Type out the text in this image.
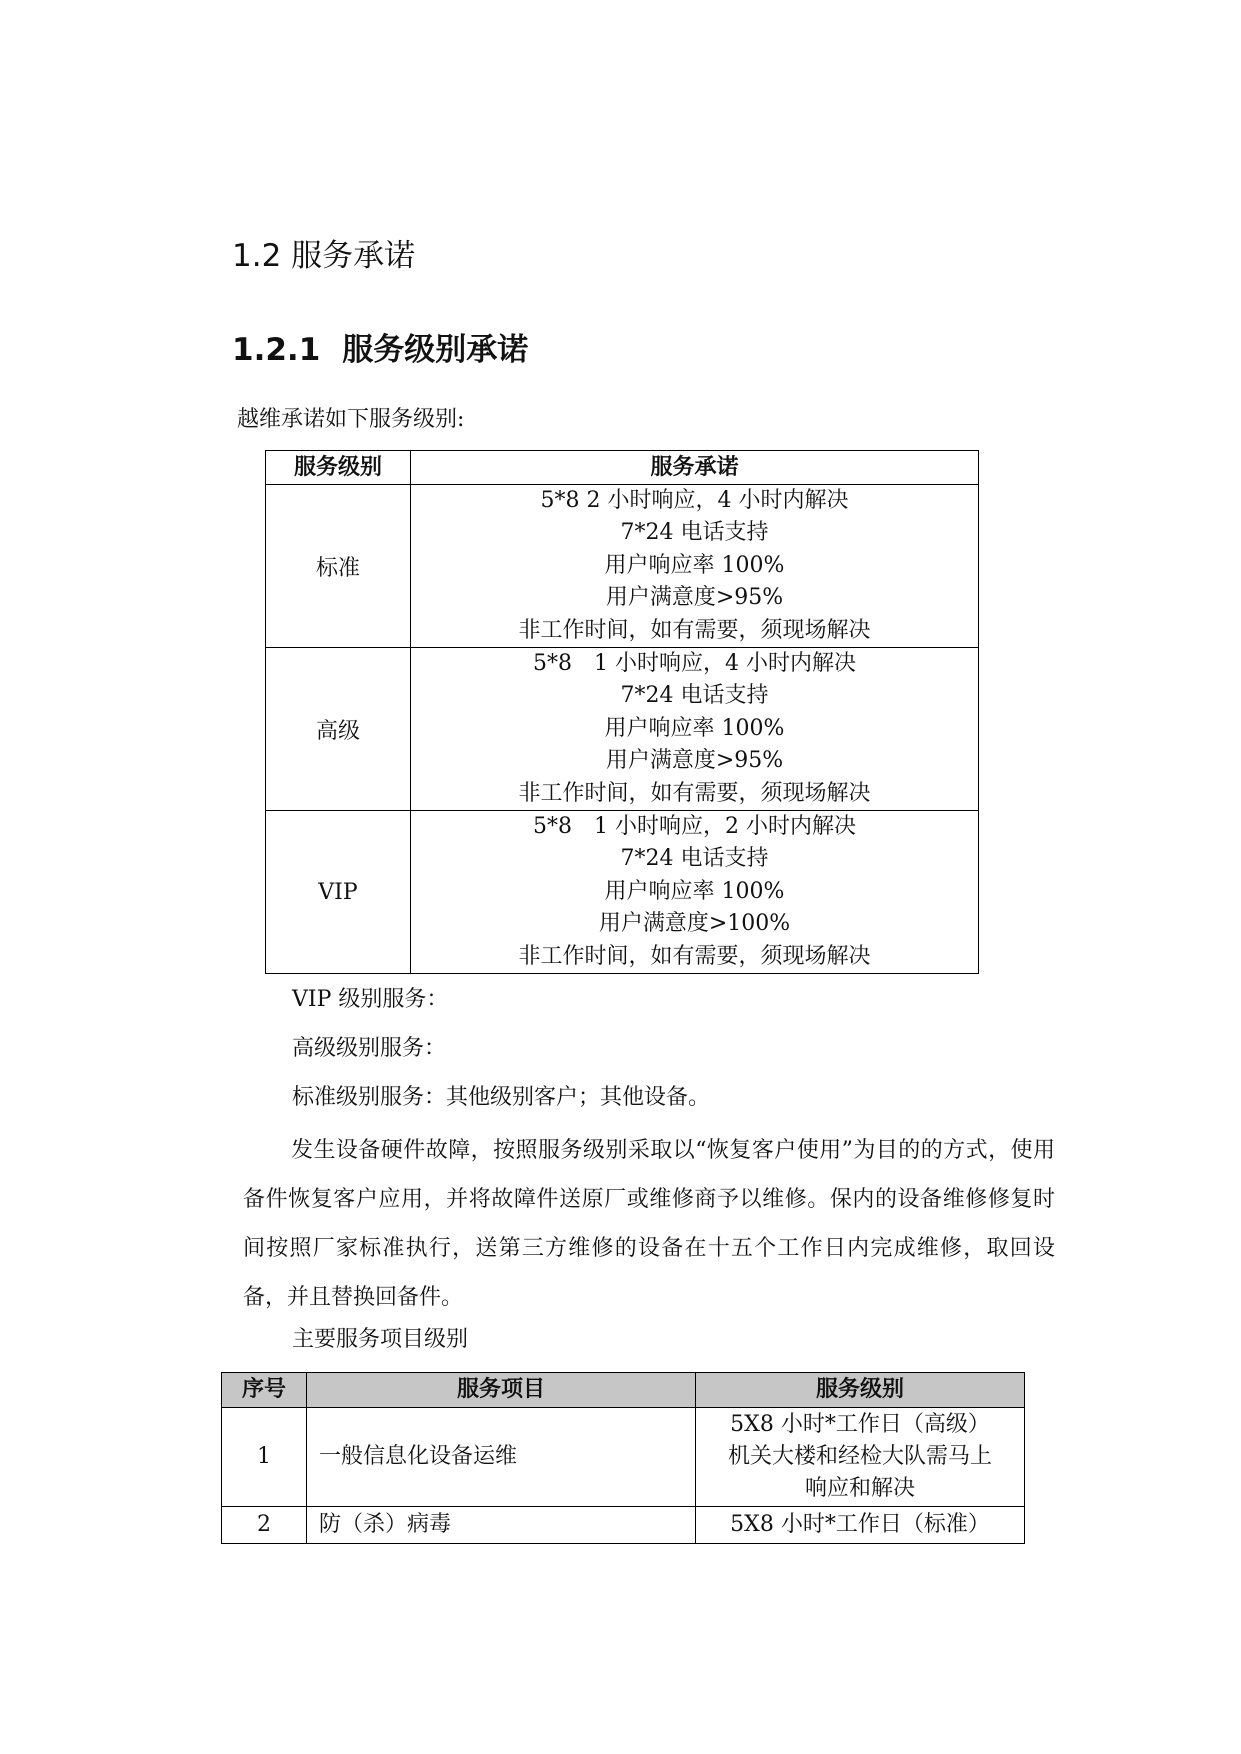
1.2 服务承诺
1.2.1 服务级别承诺
越维承诺如下服务级别:
服务级别	服务承诺
标准	5*8 2 小时响应，4 小时内解决
7*24 电话支持
用户响应率 100%
用户满意度>95%
非工作时间，如有需要，须现场解决

高级	5*8　1 小时响应，4 小时内解决
7*24 电话支持
用户响应率 100%
用户满意度>95%
非工作时间，如有需要，须现场解决

VIP	5*8　1 小时响应，2 小时内解决
7*24 电话支持
用户响应率 100%
用户满意度>100%
非工作时间，如有需要，须现场解决
VIP 级别服务：
高级级别服务：
标准级别服务：其他级别客户；其他设备。
发生设备硬件故障，按照服务级别采取以“恢复客户使用”为目的的方式，使用备件恢复客户应用，并将故障件送原厂或维修商予以维修。保内的设备维修修复时间按照厂家标准执行，送第三方维修的设备在十五个工作日内完成维修，取回设备，并且替换回备件。
主要服务项目级别
序号	服务项目	服务级别
1	一般信息化设备运维	5X8 小时*工作日（高级）
机关大楼和经检大队需马上
响应和解决

2	防（杀）病毒	5X8 小时*工作日（标准）
